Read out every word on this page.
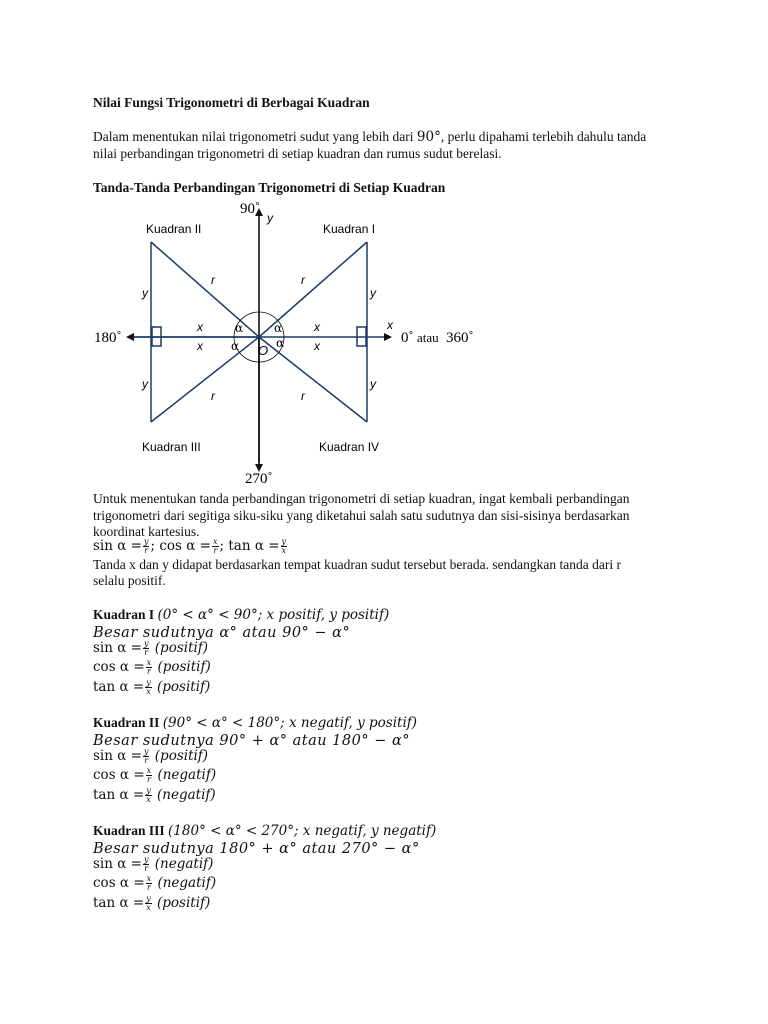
Nilai Fungsi Trigonometri di Berbagai Kuadran
Dalam menentukan nilai trigonometri sudut yang lebih dari 90°, perlu dipahami terlebih dahulu tanda
nilai perbandingan trigonometri di setiap kuadran dan rumus sudut berelasi.
Tanda-Tanda Perbandingan Trigonometri di Setiap Kuadran
90˚
y
Kuadran II	Kuadran I
r	r
y	y
x	x
x	x
α	α
α	α
O
x
180˚	0˚ atau 360˚
y	y
r	r
Kuadran III	Kuadran IV
270˚
Untuk menentukan tanda perbandingan trigonometri di setiap kuadran, ingat kembali perbandingan
trigonometri dari segitiga siku-siku yang diketahui salah satu sudutnya dan sisi-sisinya berdasarkan
koordinat kartesius.
$\sin \alpha = \frac{y}{r}$ ; $\cos \alpha = \frac{x}{r}$ ; $\tan \alpha = \frac{y}{x}$
Tanda x dan y didapat berdasarkan tempat kuadran sudut tersebut berada. sendangkan tanda dari r
selalu positif.
Kuadran I (0° < α° < 90°; x positif, y positif)
Besar sudutnya α° atau 90° − α°
$\sin \alpha = \frac{y}{r}$ (positif)
$\cos \alpha = \frac{x}{r}$ (positif)
$\tan \alpha = \frac{y}{x}$ (positif)
Kuadran II (90° < α° < 180°; x negatif, y positif)
Besar sudutnya 90° + α° atau 180° − α°
$\sin \alpha = \frac{y}{r}$ (positif)
$\cos \alpha = \frac{x}{r}$ (negatif)
$\tan \alpha = \frac{y}{x}$ (negatif)
Kuadran III (180° < α° < 270°; x negatif, y negatif)
Besar sudutnya 180° + α° atau 270° − α°
$\sin \alpha = \frac{y}{r}$ (negatif)
$\cos \alpha = \frac{x}{r}$ (negatif)
$\tan \alpha = \frac{y}{x}$ (positif)
